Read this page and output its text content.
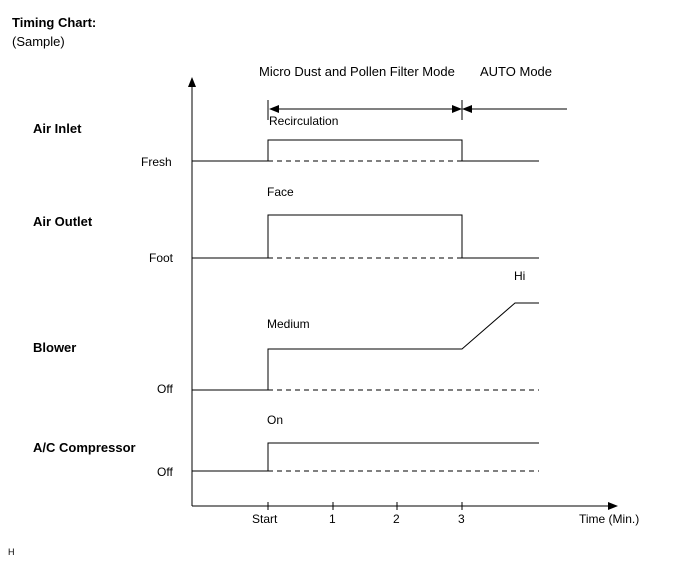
Timing Chart:
(Sample)
Micro Dust and Pollen Filter Mode AUTO Mode
Start	1	2	3	Time (Min.)
Air Inlet
Fresh
Recirculation
Air Outlet
Foot
Face
Blower
Off
Medium
Hi
A/C Compressor
Off
On
H
